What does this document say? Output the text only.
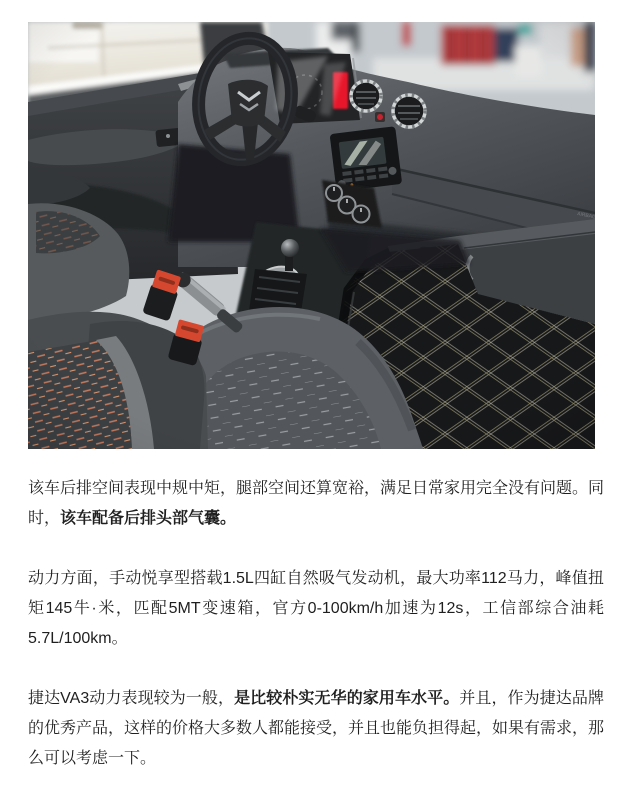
该车后排空间表现中规中矩，腿部空间还算宽裕，满足日常家用完全没有问题。同时，该车配备后排头部气囊。

动力方面，手动悦享型搭载1.5L四缸自然吸气发动机，最大功率112马力，峰值扭矩145牛·米，匹配5MT变速箱，官方0-100km/h加速为12s，工信部综合油耗5.7L/100km。

捷达VA3动力表现较为一般，是比较朴实无华的家用车水平。并且，作为捷达品牌的优秀产品，这样的价格大多数人都能接受，并且也能负担得起，如果有需求，那么可以考虑一下。
